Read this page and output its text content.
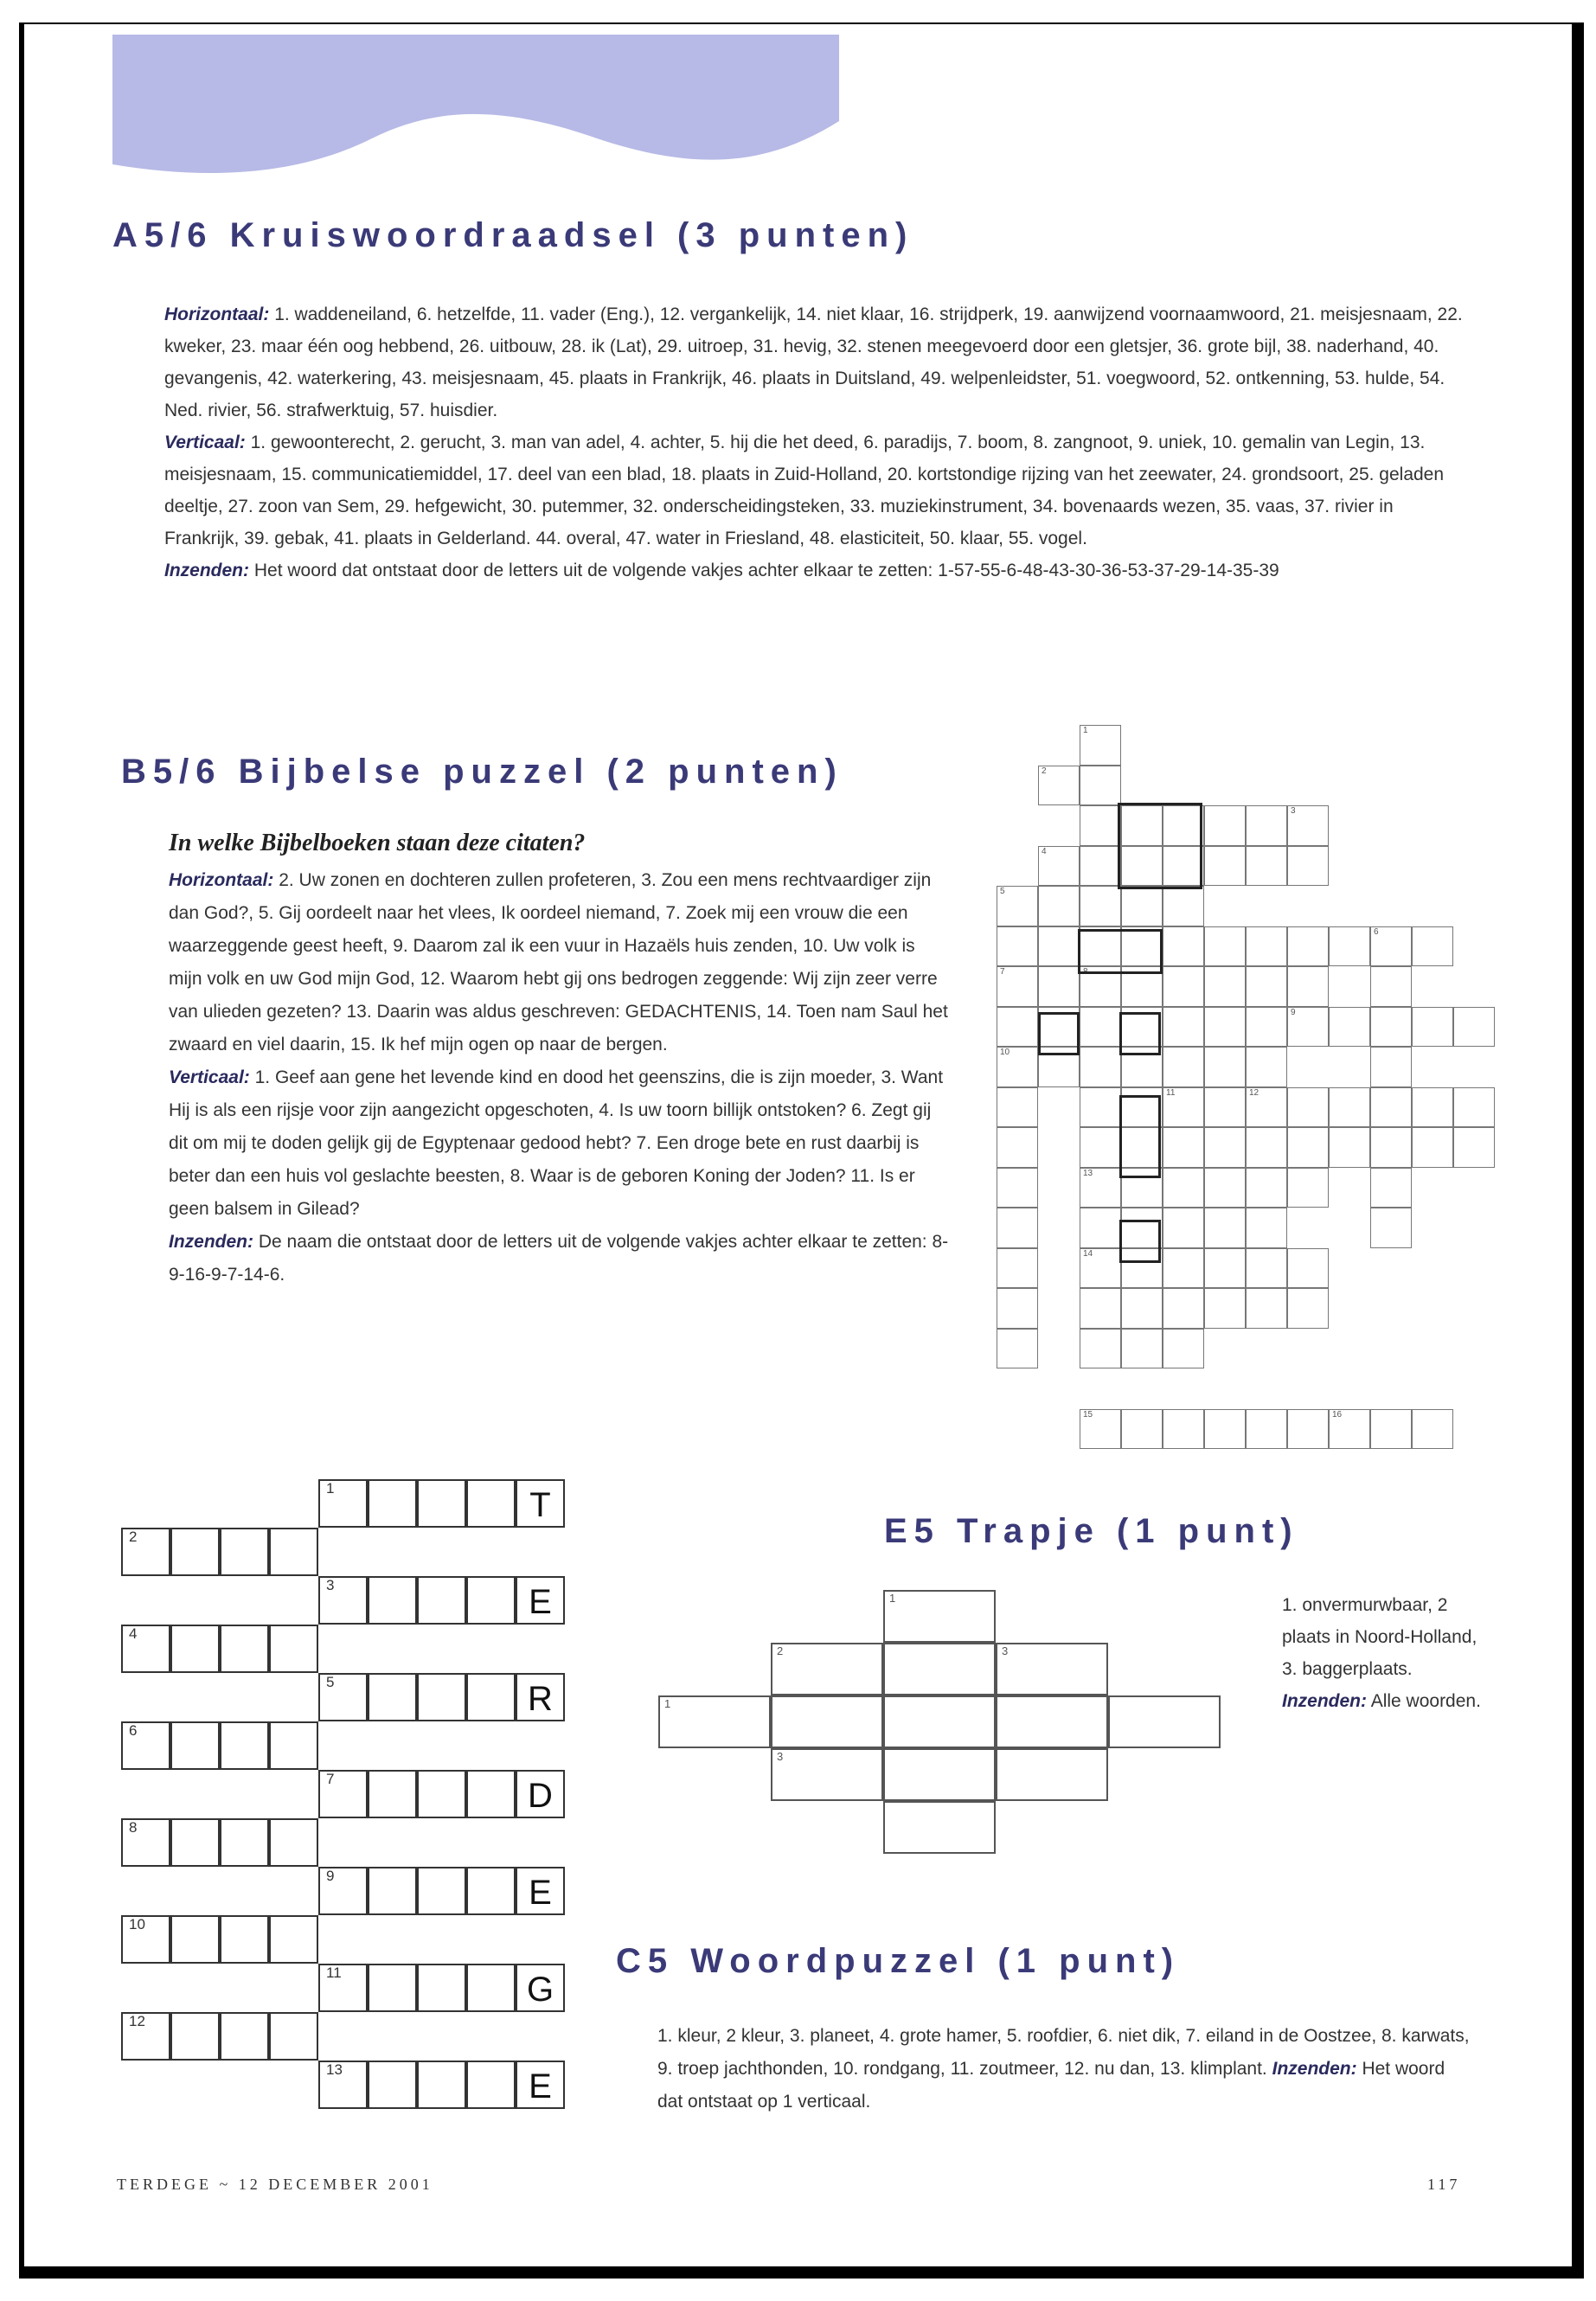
A5/6 Kruiswoordraadsel (3 punten)

Horizontaal: 1. waddeneiland, 6. hetzelfde, 11. vader (Eng.), 12. vergankelijk, 14. niet klaar, 16. strijdperk, 19. aanwijzend voornaamwoord, 21. meisjesnaam, 22. kweker, 23. maar één oog hebbend, 26. uitbouw, 28. ik (Lat), 29. uitroep, 31. hevig, 32. stenen meegevoerd door een gletsjer, 36. grote bijl, 38. naderhand, 40. gevangenis, 42. waterkering, 43. meisjesnaam, 45. plaats in Frankrijk, 46. plaats in Duitsland, 49. welpenleidster, 51. voegwoord, 52. ontkenning, 53. hulde, 54. Ned. rivier, 56. strafwerktuig, 57. huisdier.

Verticaal: 1. gewoonterecht, 2. gerucht, 3. man van adel, 4. achter, 5. hij die het deed, 6. paradijs, 7. boom, 8. zangnoot, 9. uniek, 10. gemalin van Legin, 13. meisjesnaam, 15. communicatiemiddel, 17. deel van een blad, 18. plaats in Zuid-Holland, 20. kortstondige rijzing van het zeewater, 24. grondsoort, 25. geladen deeltje, 27. zoon van Sem, 29. hefgewicht, 30. putemmer, 32. onderscheidingsteken, 33. muziekinstrument, 34. bovenaards wezen, 35. vaas, 37. rivier in Frankrijk, 39. gebak, 41. plaats in Gelderland. 44. overal, 47. water in Friesland, 48. elasticiteit, 50. klaar, 55. vogel.

Inzenden: Het woord dat ontstaat door de letters uit de volgende vakjes achter elkaar te zetten: 1-57-55-6-48-43-30-36-53-37-29-14-35-39

B5/6 Bijbelse puzzel (2 punten)

In welke Bijbelboeken staan deze citaten?

Horizontaal: 2. Uw zonen en dochteren zullen profeteren, 3. Zou een mens rechtvaardiger zijn dan God?, 5. Gij oordeelt naar het vlees, Ik oordeel niemand, 7. Zoek mij een vrouw die een waarzeggende geest heeft, 9. Daarom zal ik een vuur in Hazaëls huis zenden, 10. Uw volk is mijn volk en uw God mijn God, 12. Waarom hebt gij ons bedrogen zeggende: Wij zijn zeer verre van ulieden gezeten? 13. Daarin was aldus geschreven: GEDACHTENIS, 14. Toen nam Saul het zwaard en viel daarin, 15. Ik hef mijn ogen op naar de bergen.

Verticaal: 1. Geef aan gene het levende kind en dood het geenszins, die is zijn moeder, 3. Want Hij is als een rijsje voor zijn aangezicht opgeschoten, 4. Is uw toorn billijk ontstoken? 6. Zegt gij dit om mij te doden gelijk gij de Egyptenaar gedood hebt? 7. Een droge bete en rust daarbij is beter dan een huis vol geslachte beesten, 8. Waar is de geboren Koning der Joden? 11. Is er geen balsem in Gilead?

Inzenden: De naam die ontstaat door de letters uit de volgende vakjes achter elkaar te zetten: 8-9-16-9-7-14-6.

1
2
3
4
5
6
7	8
9
10
11	12
13
14
15	16
1	T
3	E
5	R
7	D
9	E
11	G
13	E
2
4
6
8
10
12
E5 Trapje (1 punt)
1
2	3
1
3

1. onvermurwbaar, 2 plaats in Noord-Holland, 3. baggerplaats. Inzenden: Alle woorden.

C5 Woordpuzzel (1 punt)

1. kleur, 2 kleur, 3. planeet, 4. grote hamer, 5. roofdier, 6. niet dik, 7. eiland in de Oostzee, 8. karwats, 9. troep jachthonden, 10. rondgang, 11. zoutmeer, 12. nu dan, 13. klimplant. Inzenden: Het woord dat ontstaat op 1 verticaal.

TERDEGE ~ 12 DECEMBER 2001	117
